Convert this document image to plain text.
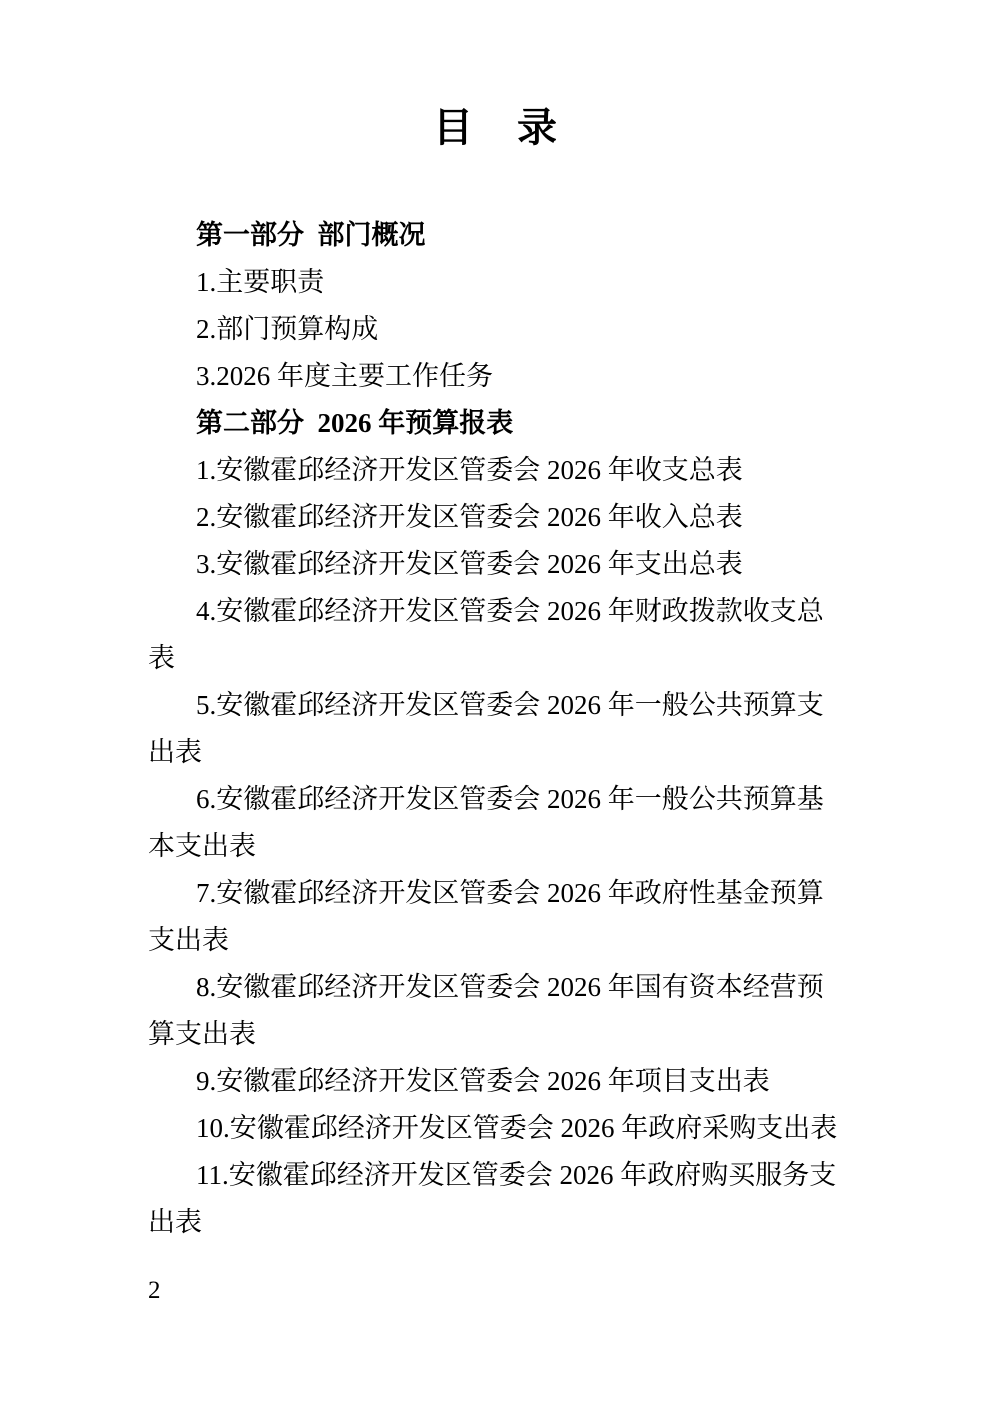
目　录

第一部分  部门概况

1.主要职责

2.部门预算构成

3.2026 年度主要工作任务

第二部分  2026 年预算报表

1.安徽霍邱经济开发区管委会 2026 年收支总表

2.安徽霍邱经济开发区管委会 2026 年收入总表

3.安徽霍邱经济开发区管委会 2026 年支出总表

4.安徽霍邱经济开发区管委会 2026 年财政拨款收支总
表

5.安徽霍邱经济开发区管委会 2026 年一般公共预算支
出表

6.安徽霍邱经济开发区管委会 2026 年一般公共预算基
本支出表

7.安徽霍邱经济开发区管委会 2026 年政府性基金预算
支出表

8.安徽霍邱经济开发区管委会 2026 年国有资本经营预
算支出表

9.安徽霍邱经济开发区管委会 2026 年项目支出表

10.安徽霍邱经济开发区管委会 2026 年政府采购支出表

11.安徽霍邱经济开发区管委会 2026 年政府购买服务支
出表

2
